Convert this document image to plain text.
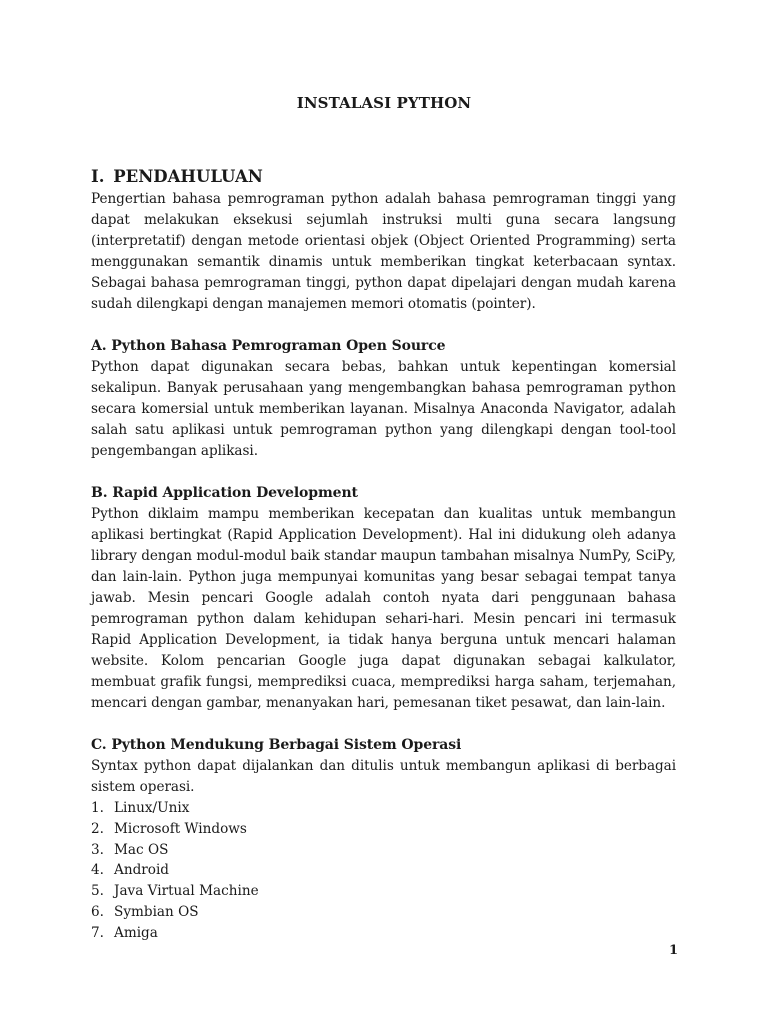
INSTALASI PYTHON
I. PENDAHULUAN

Pengertian bahasa pemrograman python adalah bahasa pemrograman tinggi yang dapat melakukan eksekusi sejumlah instruksi multi guna secara langsung (interpretatif) dengan metode orientasi objek (Object Oriented Programming) serta menggunakan semantik dinamis untuk memberikan tingkat keterbacaan syntax. Sebagai bahasa pemrograman tinggi, python dapat dipelajari dengan mudah karena sudah dilengkapi dengan manajemen memori otomatis (pointer).

A. Python Bahasa Pemrograman Open Source

Python dapat digunakan secara bebas, bahkan untuk kepentingan komersial sekalipun. Banyak perusahaan yang mengembangkan bahasa pemrograman python secara komersial untuk memberikan layanan. Misalnya Anaconda Navigator, adalah salah satu aplikasi untuk pemrograman python yang dilengkapi dengan tool-tool pengembangan aplikasi.

B. Rapid Application Development

Python diklaim mampu memberikan kecepatan dan kualitas untuk membangun aplikasi bertingkat (Rapid Application Development). Hal ini didukung oleh adanya library dengan modul-modul baik standar maupun tambahan misalnya NumPy, SciPy, dan lain-lain. Python juga mempunyai komunitas yang besar sebagai tempat tanya jawab. Mesin pencari Google adalah contoh nyata dari penggunaan bahasa pemrograman python dalam kehidupan sehari-hari. Mesin pencari ini termasuk Rapid Application Development, ia tidak hanya berguna untuk mencari halaman website. Kolom pencarian Google juga dapat digunakan sebagai kalkulator, membuat grafik fungsi, memprediksi cuaca, memprediksi harga saham, terjemahan, mencari dengan gambar, menanyakan hari, pemesanan tiket pesawat, dan lain-lain.

C. Python Mendukung Berbagai Sistem Operasi

Syntax python dapat dijalankan dan ditulis untuk membangun aplikasi di berbagai sistem operasi.

1. Linux/Unix
2. Microsoft Windows
3. Mac OS
4. Android
5. Java Virtual Machine
6. Symbian OS
7. Amiga
1
